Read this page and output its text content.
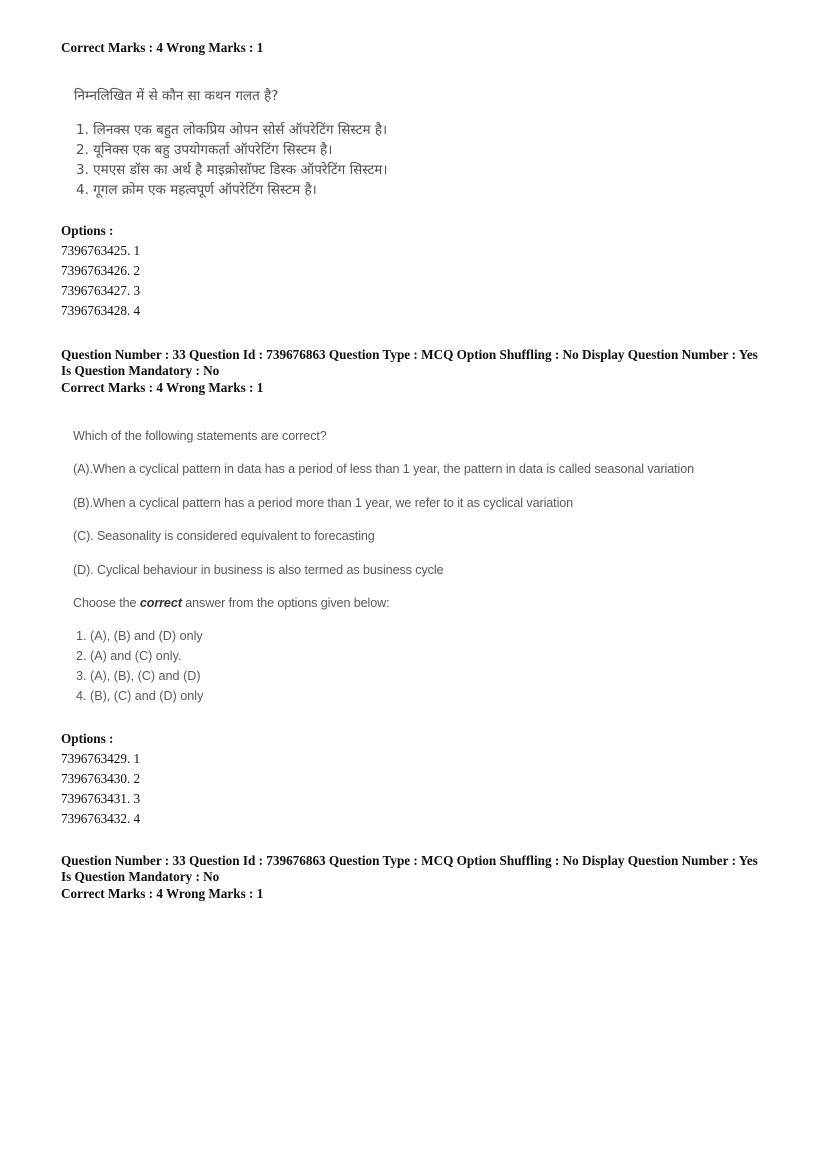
Correct Marks : 4 Wrong Marks : 1
निम्नलिखित में से कौन सा कथन गलत है?
1. लिनक्स एक बहुत लोकप्रिय ओपन सोर्स ऑपरेटिंग सिस्टम है।
2. यूनिक्स एक बहु उपयोगकर्ता ऑपरेटिंग सिस्टम है।
3. एमएस डॉस का अर्थ है माइक्रोसॉफ्ट डिस्क ऑपरेटिंग सिस्टम।
4. गूगल क्रोम एक महत्वपूर्ण ऑपरेटिंग सिस्टम है।
Options :
7396763425. 1
7396763426. 2
7396763427. 3
7396763428. 4
Question Number : 33 Question Id : 739676863 Question Type : MCQ Option Shuffling : No Display Question Number : Yes
Is Question Mandatory : No
Correct Marks : 4 Wrong Marks : 1
Which of the following statements are correct?
(A).When a cyclical pattern in data has a period of less than 1 year, the pattern in data is called seasonal variation
(B).When a cyclical pattern has a period more than 1 year, we refer to it as cyclical variation
(C). Seasonality is considered equivalent to forecasting
(D). Cyclical behaviour in business is also termed as business cycle
Choose the correct answer from the options given below:
1. (A), (B) and (D) only
2. (A) and (C) only.
3. (A), (B), (C) and (D)
4. (B), (C) and (D) only
Options :
7396763429. 1
7396763430. 2
7396763431. 3
7396763432. 4
Question Number : 33 Question Id : 739676863 Question Type : MCQ Option Shuffling : No Display Question Number : Yes
Is Question Mandatory : No
Correct Marks : 4 Wrong Marks : 1
